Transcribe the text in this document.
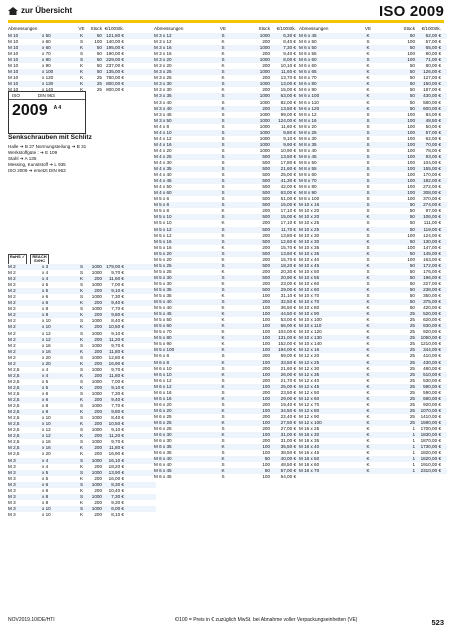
zur Übersicht	ISO 2009
Abmessungen	VE	Stück €/100Stk.
M 10	x 50	K	50 121,80 €
M 10	x 60	S	100 140,00 €
M 10	x 60	K	50 195,00 €
M 10	x 70	S	50 190,00 €
M 10	x 80	S	50 229,00 €
M 10	x 90	K	50 237,00 €
M 10	x 100	K	50 135,00 €
M 10	x 120	K	25 760,00 €
M 10	x 130	K	25 800,00 €
M 10	x 140	K	25 800,00 €
ISO	DIN 963
2009 A 4
Senkschrauben mit Schlitz
Halle ➔ B 27 Normungsteilung ➔ B 31
Werkstoffgüte : ➔ E 109
Stahl ➔ A 135
Messing, Kunststoff ➔ L 935
ISO 2009 ➔ ersetzt DIN 963
RoHS ✓	REACH SVHC
M 2	x 3	S	1000 179,00 €
M 2	x 4	S	1000	9,70 €
M 2	x 4	K	200	11,60 €
M 2	x 5	S	1000	7,00 €
M 2	x 5	K	200	9,10 €
M 2	x 6	S	1000	7,30 €
M 2	x 6	K	200	9,40 €
M 2	x 8	S	1000	7,70 €
M 2	x 8	K	200	9,80 €
M 2	x 10	S	1000	8,40 €
M 2	x 10	K	200	10,50 €
M 2	x 12	S	1000	9,10 €
M 2	x 12	K	200	11,20 €
M 2	x 16	S	1000	9,70 €
M 2	x 16	K	200	11,80 €
M 2	x 20	S	1000	12,80 €
M 2	x 20	K	200	16,90 €
M 2,5	x 4	S	1000	9,70 €
M 2,5	x 4	K	200	11,80 €
M 2,5	x 5	S	1000	7,00 €
M 2,5	x 5	K	200	9,10 €
M 2,5	x 6	S	1000	7,30 €
M 2,5	x 6	K	200	9,40 €
M 2,5	x 8	S	1000	7,70 €
M 2,5	x 8	K	200	9,80 €
M 2,5	x 10	S	1000	8,40 €
M 2,5	x 10	K	200	10,50 €
M 2,5	x 12	S	1000	9,10 €
M 2,5	x 12	K	200	11,20 €
M 2,5	x 16	S	1000	9,70 €
M 2,5	x 16	K	200	11,80 €
M 2,5	x 20	K	200	16,90 €
M 3	x 4	S	1000	16,10 €
M 3	x 4	K	200	18,20 €
M 3	x 5	S	1000	13,90 €
M 3	x 5	K	200	16,00 €
M 3	x 6	S	1000	8,30 €
M 3	x 6	K	200	10,40 €
M 3	x 8	S	1000	7,30 €
M 3	x 8	K	200	9,30 €
M 3	x 10	S	1000	6,00 €
M 3	x 10	K	200	8,10 €
Abmessungen	VE	Stück	€/100Stk.
M 3 x 12	S	1000	6,30 €
M 3 x 12	K	200	8,40 €
M 3 x 16	S	1000	7,30 €
M 3 x 16	K	200	9,40 €
M 3 x 20	S	1000	8,00 €
M 3 x 20	K	200	10,10 €
M 3 x 25	S	1000	11,60 €
M 3 x 25	K	200	13,70 €
M 3 x 30	S	1000	13,00 €
M 3 x 30	K	200	15,00 €
M 3 x 35	S	1000	63,00 €
M 3 x 40	S	1000	82,00 €
M 3 x 40	K	200	13,50 €
M 3 x 45	S	1000	99,00 €
M 3 x 50	S	1000	124,00 €
M 4 x 8	S	1000	11,60 €
M 4 x 10	S	1000	9,80 €
M 4 x 12	S	1000	9,10 €
M 4 x 16	S	1000	9,90 €
M 4 x 20	S	1000	10,90 €
M 4 x 25	S	500	13,50 €
M 4 x 30	S	500	17,80 €
M 4 x 35	S	500	21,60 €
M 4 x 40	S	500	25,00 €
M 4 x 45	S	500	41,30 €
M 4 x 50	S	500	42,00 €
M 4 x 60	S	500	63,00 €
M 5 x 6	S	500	51,00 €
M 5 x 8	S	500	15,00 €
M 5 x 8	K	200	17,10 €
M 5 x 10	S	500	15,00 €
M 5 x 10	K	200	17,10 €
M 5 x 12	S	500	11,70 €
M 5 x 12	K	200	13,80 €
M 5 x 16	S	500	12,60 €
M 5 x 16	K	200	15,70 €
M 5 x 20	S	500	13,60 €
M 5 x 20	K	200	15,70 €
M 5 x 25	S	500	18,20 €
M 5 x 25	K	200	20,30 €
M 5 x 30	S	500	20,90 €
M 5 x 30	K	200	23,00 €
M 5 x 35	S	500	29,00 €
M 5 x 35	K	100	31,10 €
M 5 x 40	S	200	32,50 €
M 5 x 40	K	100	36,50 €
M 5 x 45	K	100	44,50 €
M 5 x 50	K	100	53,00 €
M 5 x 60	K	100	66,00 €
M 5 x 70	K	100	104,00 €
M 5 x 80	K	100	131,00 €
M 5 x 90	K	100	152,00 €
M 5 x 100	K	100	194,00 €
M 6 x 8	S	200	59,00 €
M 6 x 8	K	100	33,50 €
M 6 x 10	S	200	21,60 €
M 6 x 10	K	100	26,00 €
M 6 x 12	S	200	21,70 €
M 6 x 12	K	100	25,00 €
M 6 x 16	S	200	23,50 €
M 6 x 16	K	100	29,00 €
M 6 x 20	S	200	19,40 €
M 6 x 20	K	100	34,50 €
M 6 x 25	S	200	22,40 €
M 6 x 25	K	100	27,50 €
M 6 x 25	S	200	27,00 €
M 6 x 30	K	100	31,00 €
M 6 x 30	S	200	31,00 €
M 6 x 35	K	100	35,50 €
M 6 x 35	S	100	38,50 €
M 6 x 40	K	50	40,00 €
M 6 x 40	S	100	48,50 €
M 6 x 45	K	50	57,00 €
M 6 x 45	S	100	54,00 €
Abmessungen	VE	Stück	€/100Stk.
M 6 x 45	K	50	62,00 €
M 6 x 50	S	100	57,00 €
M 6 x 50	K	50	65,00 €
M 6 x 55	K	100	80,00 €
M 6 x 60	S	100	71,00 €
M 6 x 60	K	50	80,00 €
M 6 x 65	K	50	126,00 €
M 6 x 70	K	50	127,00 €
M 6 x 80	K	50	150,00 €
M 6 x 90	K	50	187,00 €
M 6 x 100	K	50	430,00 €
M 6 x 110	K	50	580,00 €
M 6 x 120	K	50	600,00 €
M 8 x 12	S	100	84,00 €
M 8 x 16	S	100	48,50 €
M 8 x 20	S	100	50,00 €
M 8 x 25	S	100	57,00 €
M 8 x 30	S	100	62,00 €
M 8 x 35	S	100	70,00 €
M 8 x 40	S	100	78,00 €
M 8 x 45	S	100	93,00 €
M 8 x 50	S	100	104,00 €
M 8 x 55	S	100	155,00 €
M 8 x 60	S	100	170,00 €
M 8 x 70	S	100	182,00 €
M 8 x 80	S	100	272,00 €
M 8 x 90	S	100	308,00 €
M 8 x 100	S	100	370,00 €
M 10 x 16	S	50	274,00 €
M 10 x 20	S	50	97,00 €
M 10 x 20	K	50	106,00 €
M 10 x 25	S	50	111,00 €
M 10 x 25	K	50	119,00 €
M 10 x 30	S	100	124,00 €
M 10 x 30	K	50	130,00 €
M 10 x 35	S	100	147,00 €
M 10 x 35	K	50	145,00 €
M 10 x 40	S	100	163,00 €
M 10 x 45	K	50	172,00 €
M 10 x 50	S	50	176,00 €
M 10 x 55	K	50	196,00 €
M 10 x 60	S	50	227,00 €
M 10 x 60	K	50	238,00 €
M 10 x 70	S	50	350,00 €
M 10 x 70	K	50	375,00 €
M 10 x 80	K	50	420,00 €
M 10 x 90	K	25	520,00 €
M 10 x 100	K	25	620,00 €
M 10 x 110	K	25	830,00 €
M 10 x 120	K	25	920,00 €
M 10 x 130	K	25	1050,00 €
M 10 x 140	K	25	1210,00 €
M 12 x 16	K	25	344,00 €
M 12 x 20	K	25	410,00 €
M 12 x 25	K	25	430,00 €
M 12 x 30	K	25	480,00 €
M 12 x 35	K	25	510,00 €
M 12 x 40	K	25	530,00 €
M 12 x 45	K	25	590,00 €
M 12 x 50	K	25	590,00 €
M 12 x 60	K	25	680,00 €
M 12 x 70	K	25	920,00 €
M 12 x 80	K	25	1070,00 €
M 12 x 90	K	25	1410,00 €
M 12 x 100	K	25	1590,00 €
M 16 x 25	K	1	1700,00 €
M 16 x 30	K	1	1830,00 €
M 16 x 35	K	1	1870,00 €
M 16 x 40	K	1	1730,00 €
M 16 x 45	K	1	1820,00 €
M 16 x 50	K	1	1820,00 €
M 16 x 60	K	1	1910,00 €
M 16 x 70	K	1	2310,00 €
NOV2019.10/DE/HTI	€/100 = Preis in € zuzüglich MwSt. bei Abnahme voller Verpackungseinheiten (VE)	523
